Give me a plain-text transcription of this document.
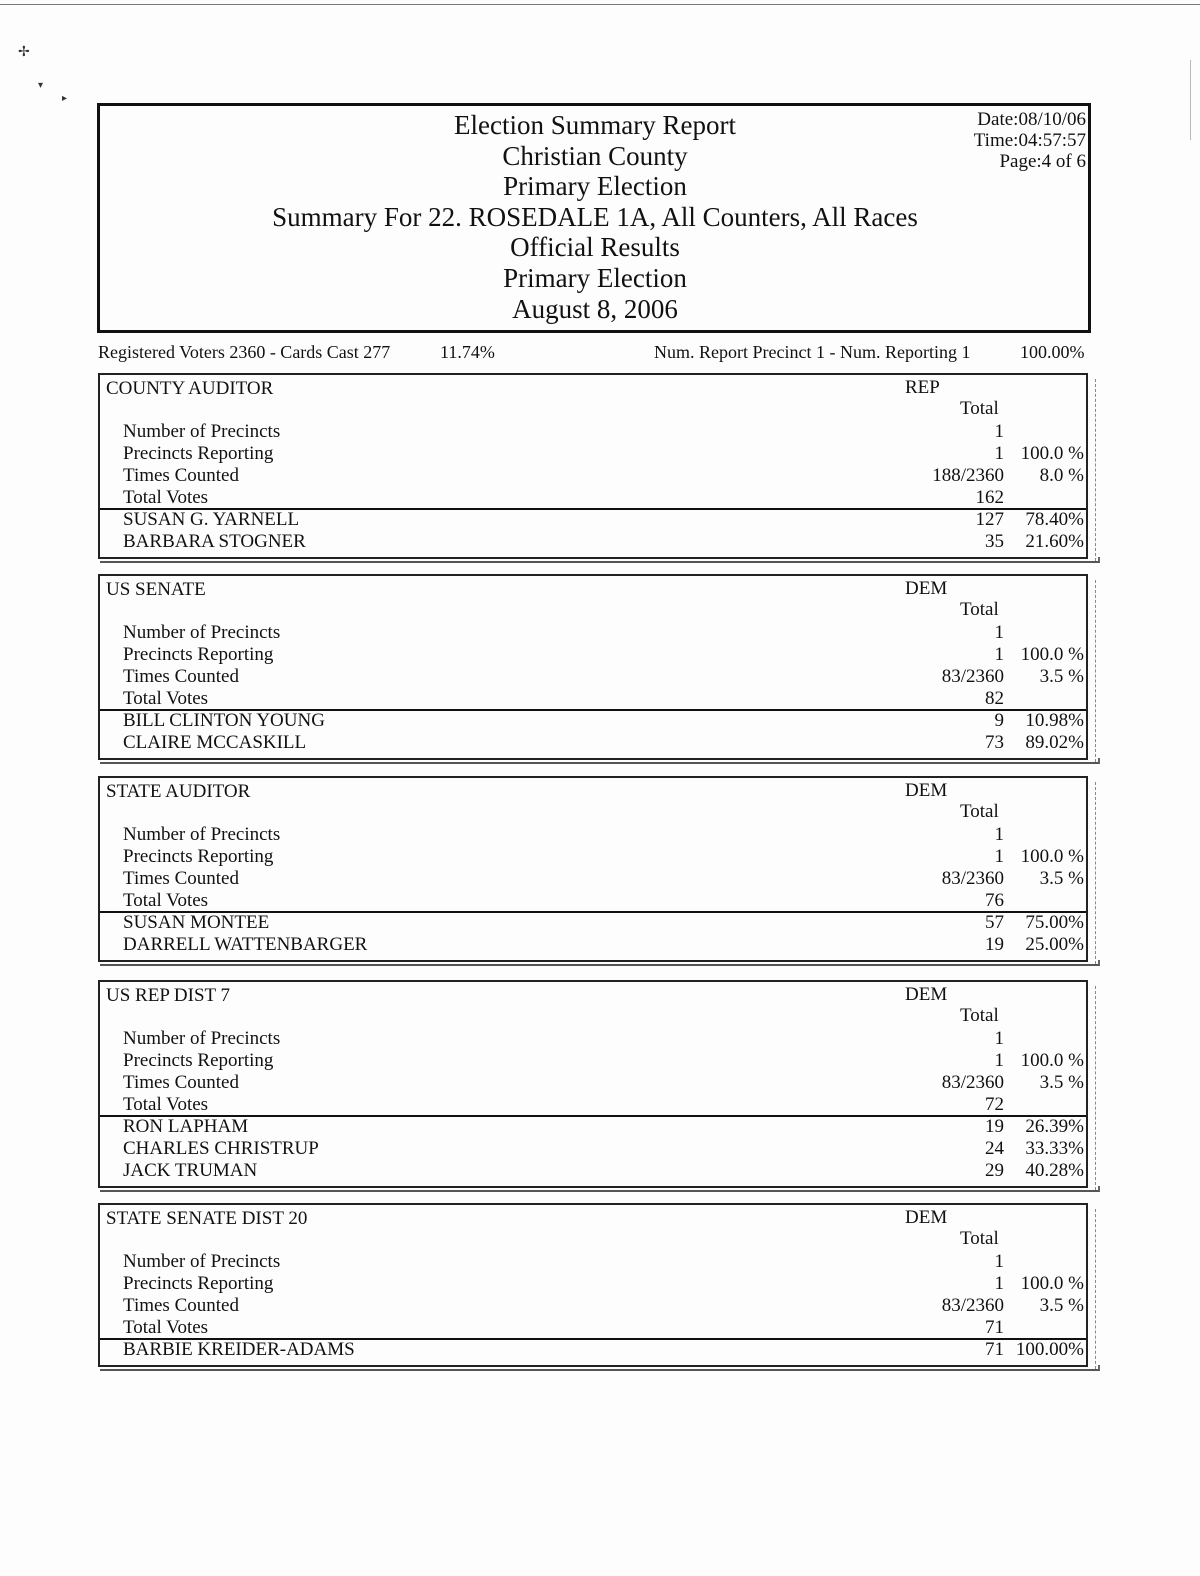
✢
▾
▸
Election Summary Report
Christian County
Primary Election
Summary For 22. ROSEDALE 1A, All Counters, All Races
Official Results
Primary Election
August 8, 2006
Date:08/10/06
Time:04:57:57
Page:4 of 6
Registered Voters 2360 - Cards Cast 277	11.74%	Num. Report Precinct 1 - Num. Reporting 1	100.00%
COUNTY AUDITOR	REP
Total
Number of Precincts	1
Precincts Reporting	1 100.0 %
Times Counted	188/2360 8.0 %
Total Votes	162
SUSAN G. YARNELL	127 78.40%
BARBARA STOGNER	35 21.60%
US SENATE	DEM
Total
Number of Precincts	1
Precincts Reporting	1 100.0 %
Times Counted	83/2360 3.5 %
Total Votes	82
BILL CLINTON YOUNG	9 10.98%
CLAIRE MCCASKILL	73 89.02%
STATE AUDITOR	DEM
Total
Number of Precincts	1
Precincts Reporting	1 100.0 %
Times Counted	83/2360 3.5 %
Total Votes	76
SUSAN MONTEE	57 75.00%
DARRELL WATTENBARGER	19 25.00%
US REP DIST 7	DEM
Total
Number of Precincts	1
Precincts Reporting	1 100.0 %
Times Counted	83/2360 3.5 %
Total Votes	72
RON LAPHAM	19 26.39%
CHARLES CHRISTRUP	24 33.33%
JACK TRUMAN	29 40.28%
STATE SENATE DIST 20	DEM
Total
Number of Precincts	1
Precincts Reporting	1 100.0 %
Times Counted	83/2360 3.5 %
Total Votes	71
BARBIE KREIDER-ADAMS	71 100.00%
